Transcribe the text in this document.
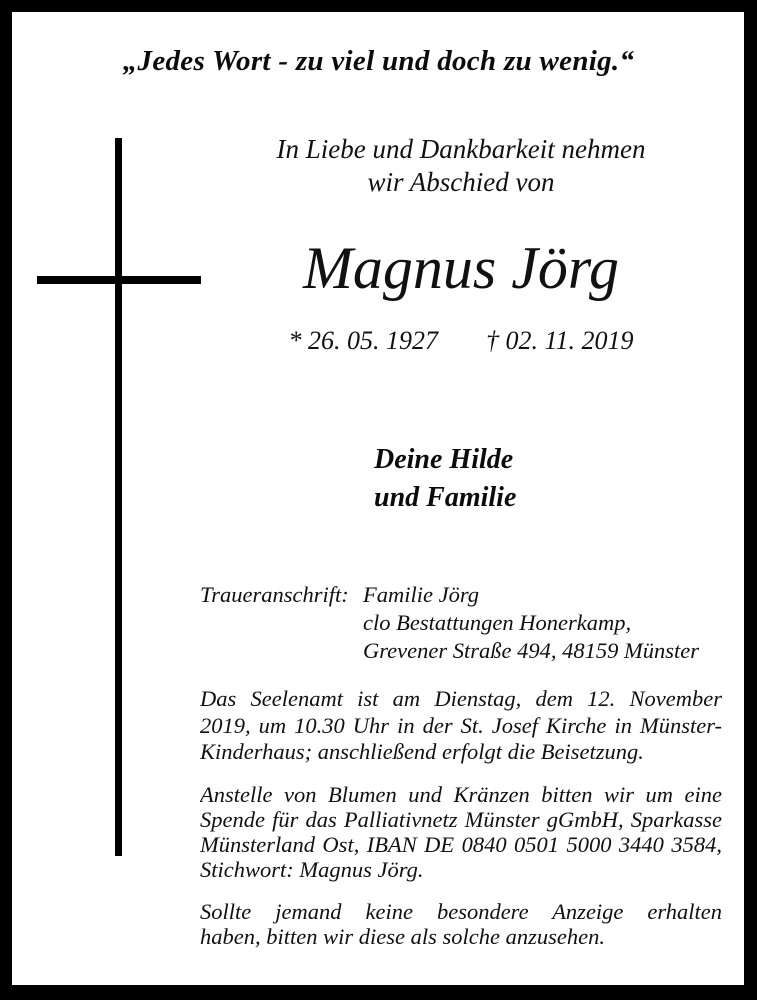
„Jedes Wort - zu viel und doch zu wenig.“
In Liebe und Dankbarkeit nehmen
wir Abschied von
Magnus Jörg
* 26. 05. 1927 † 02. 11. 2019
Deine Hilde
und Familie
Traueranschrift: Familie Jörg
clo Bestattungen Honerkamp,
Grevener Straße 494, 48159 Münster
Das Seelenamt ist am Dienstag, dem 12. November
2019, um 10.30 Uhr in der St. Josef Kirche in Münster-
Kinderhaus; anschließend erfolgt die Beisetzung.
Anstelle von Blumen und Kränzen bitten wir um eine
Spende für das Palliativnetz Münster gGmbH, Sparkasse
Münsterland Ost, IBAN DE 0840 0501 5000 3440 3584,
Stichwort: Magnus Jörg.
Sollte jemand keine besondere Anzeige erhalten
haben, bitten wir diese als solche anzusehen.
